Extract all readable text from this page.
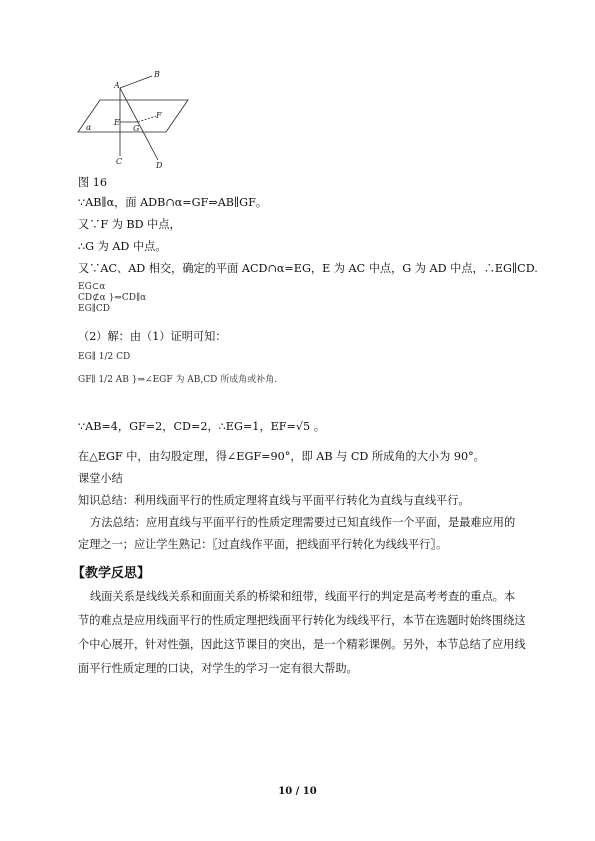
A
B
C	D
E
F
G
α
图 16
∵AB∥α，面 ADB∩α=GF⇒AB∥GF。
又∵F 为 BD 中点，
∴G 为 AD 中点。
又∵AC、AD 相交，确定的平面 ACD∩α=EG，E 为 AC 中点，G 为 AD 中点，∴EG∥CD.
EG⊂α
CD⊄α }⇒CD∥α
EG∥CD
（2）解：由（1）证明可知：
EG∥ 1/2 CD
GF∥ 1/2 AB }⇒∠EGF 为 AB,CD 所成角或补角.
∵AB=4，GF=2，CD=2，∴EG=1，EF=√5 。
在△EGF 中，由勾股定理，得∠EGF=90°，即 AB 与 CD 所成角的大小为 90°。
课堂小结
知识总结：利用线面平行的性质定理将直线与平面平行转化为直线与直线平行。
方法总结：应用直线与平面平行的性质定理需要过已知直线作一个平面，是最难应用的
定理之一；应让学生熟记：〖过直线作平面，把线面平行转化为线线平行〗。
【教学反思】
线面关系是线线关系和面面关系的桥梁和纽带，线面平行的判定是高考考查的重点。本
节的难点是应用线面平行的性质定理把线面平行转化为线线平行，本节在选题时始终围绕这
个中心展开，针对性强，因此这节课目的突出，是一个精彩课例。另外，本节总结了应用线
面平行性质定理的口诀，对学生的学习一定有很大帮助。
10 / 10
